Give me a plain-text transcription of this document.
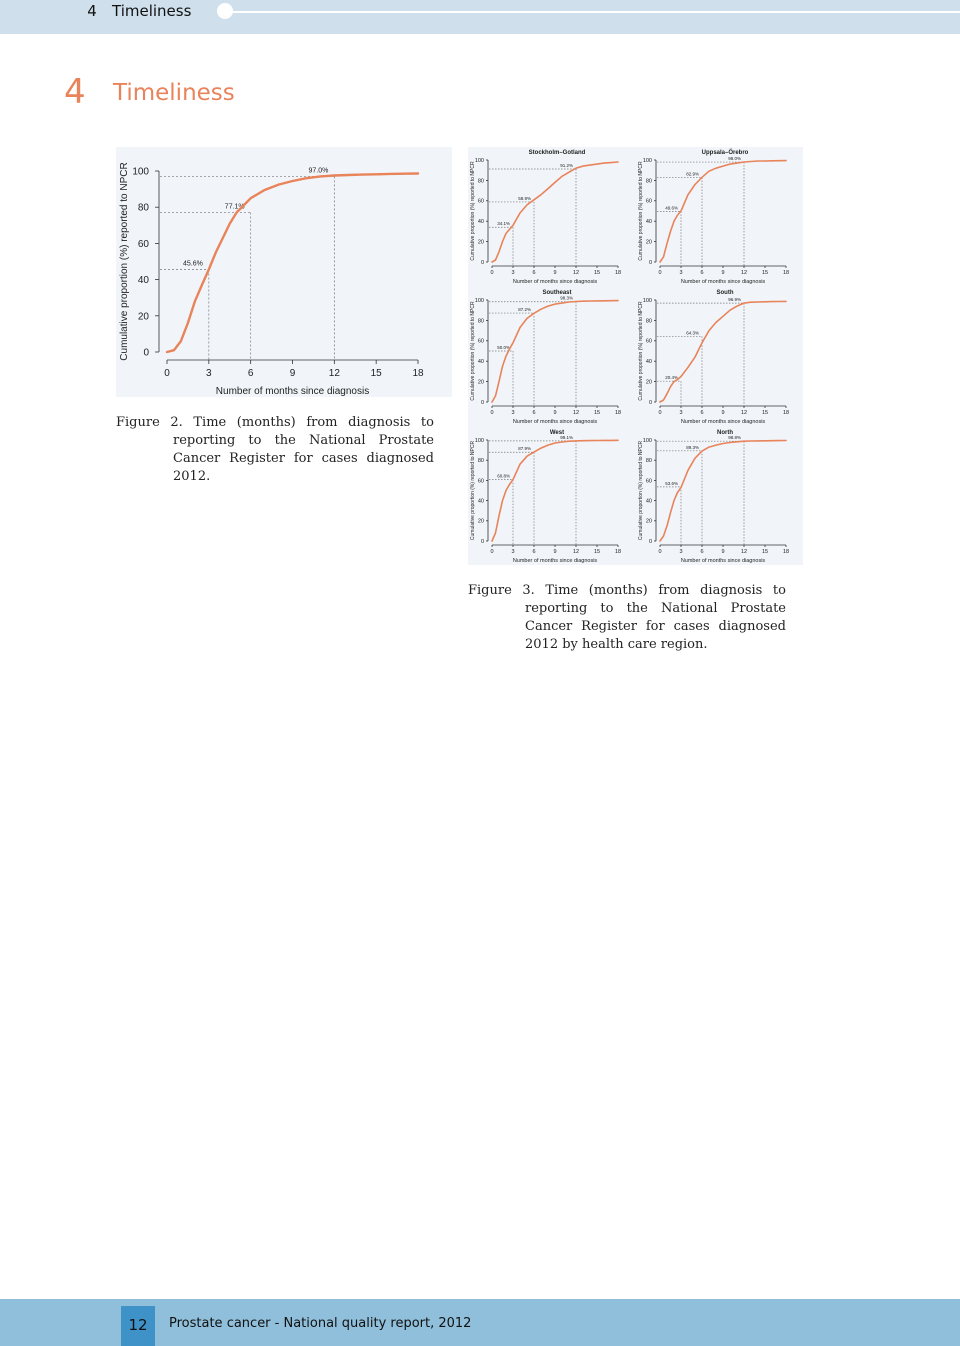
4	Timeliness
4 Timeliness
0
20
40
60
80
100
0	3	6	9	12	15	18
Number of months since diagnosis
Cumulative proportion (%) reported to NPCR	45.6%
77.1%
97.0%
0
20
40
60
80
100
0	3	6	9	12	15	18
Number of months since diagnosis
Cumulative proportion (%) reported to NPCR
Stockholm–Gotland
34.1%
58.9%
91.2%
0
20
40
60
80
100
0	3	6	9	12	15	18
Number of months since diagnosis
Cumulative proportion (%) reported to NPCR
Uppsala–Örebro
49.6%
82.9%
98.0%
0
20
40
60
80
100
0	3	6	9	12	15	18
Number of months since diagnosis
Cumulative proportion (%) reported to NPCR
Southeast
50.0%
87.2%
98.3%
0
20
40
60
80
100
0	3	6	9	12	15	18
Number of months since diagnosis
Cumulative proportion (%) reported to NPCR
South
20.4%
64.3%
96.9%
0
20
40
60
80
100
0	3	6	9	12	15	18
Number of months since diagnosis
Cumulative proportion (%) reported to NPCR
West
60.8%
87.9%
99.1%
0
20
40
60
80
100
0	3	6	9	12	15	18
Number of months since diagnosis
Cumulative proportion (%) reported to NPCR
North
53.6%
89.3%
98.8%
Figure 2. Time (months) from diagnosis to reporting to the National Prostate Cancer Register for cases diagnosed 2012.
Figure 3. Time (months) from diagnosis to reporting to the National Prostate Cancer Register for cases diagnosed 2012 by health care region.
12	Prostate cancer - National quality report, 2012
